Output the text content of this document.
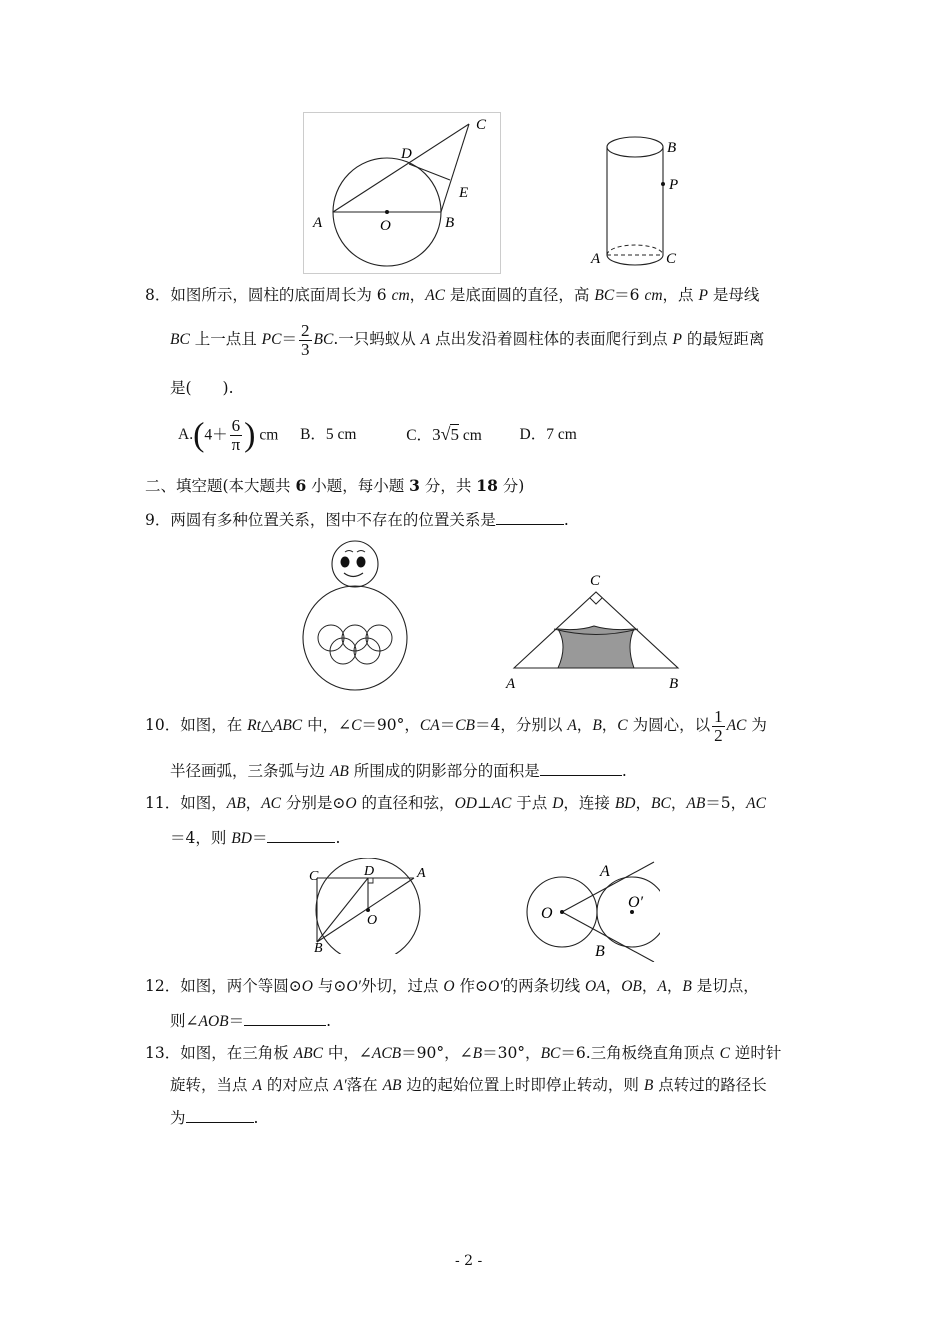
C
D
E
A	O	B
B
P
A	C
8．如图所示，圆柱的底面周长为 6 cm，AC 是底面圆的直径，高 BC＝6 cm，点 P 是母线
BC 上一点且 $PC= \frac{2}{3}$ BC.一只蚂蚁从 A 点出发沿着圆柱体的表面爬行到点 P 的最短距离
是(　　).
$A.(4+ \frac{6}{\pi}$ ) cm B．5 cm	C．3√5 cm D．7 cm
二、填空题(本大题共 6 小题，每小题 3 分，共 18 分)
9．两圆有多种位置关系，图中不存在的位置关系是	.
C
A	B
10．如图，在 Rt△ABC 中，∠C＝90°，CA＝CB＝4，分别以 A，B，C 为圆心，以 $\frac{1}{2}$ AC 为
半径画弧，三条弧与边 AB 所围成的阴影部分的面积是	.
11．如图，AB，AC 分别是⊙O 的直径和弦，OD⊥AC 于点 D，连接 BD，BC，AB＝5，AC
＝4，则 BD＝	.
C	D	A
O
B
A
O
O′
B
12．如图，两个等圆⊙O 与⊙O′外切，过点 O 作⊙O′的两条切线 OA，OB，A，B 是切点，
则∠AOB＝	.
13．如图，在三角板 ABC 中，∠ACB＝90°，∠B＝30°，BC＝6.三角板绕直角顶点 C 逆时针
旋转，当点 A 的对应点 A′落在 AB 边的起始位置上时即停止转动，则 B 点转过的路径长
为	.
- 2 -
